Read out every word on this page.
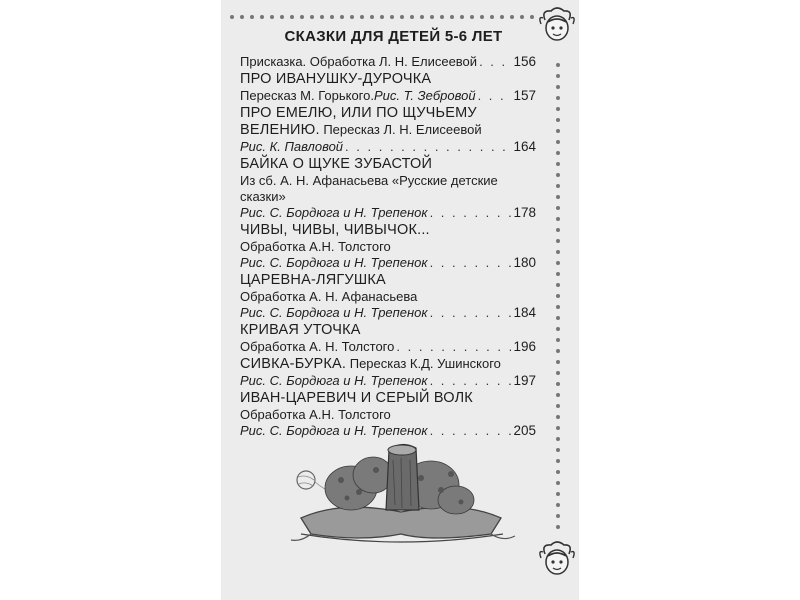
СКАЗКИ ДЛЯ ДЕТЕЙ 5-6 ЛЕТ
Присказка. Обработка Л. Н. Елисеевой . . .	156
ПРО ИВАНУШКУ-ДУРОЧКА
Пересказ М. Горького. Рис. Т. Зебровой . . .	157
ПРО ЕМЕЛЮ, ИЛИ ПО ЩУЧЬЕМУ
ВЕЛЕНИЮ. Пересказ Л. Н. Елисеевой
Рис. К. Павловой . . .	164
БАЙКА О ЩУКЕ ЗУБАСТОЙ
Из сб. А. Н. Афанасьева «Русские детские
сказки»
Рис. С. Бордюга и Н. Трепенок . . .	178
ЧИВЫ, ЧИВЫ, ЧИВЫЧОК...
Обработка А.Н. Толстого
Рис. С. Бордюга и Н. Трепенок . . .	180
ЦАРЕВНА-ЛЯГУШКА
Обработка А. Н. Афанасьева
Рис. С. Бордюга и Н. Трепенок . . .	184
КРИВАЯ УТОЧКА
Обработка А. Н. Толстого . . .	196
СИВКА-БУРКА. Пересказ К.Д. Ушинского
Рис. С. Бордюга и Н. Трепенок . . .	197
ИВАН-ЦАРЕВИЧ И СЕРЫЙ ВОЛК
Обработка А.Н. Толстого
Рис. С. Бордюга и Н. Трепенок . . .	205
